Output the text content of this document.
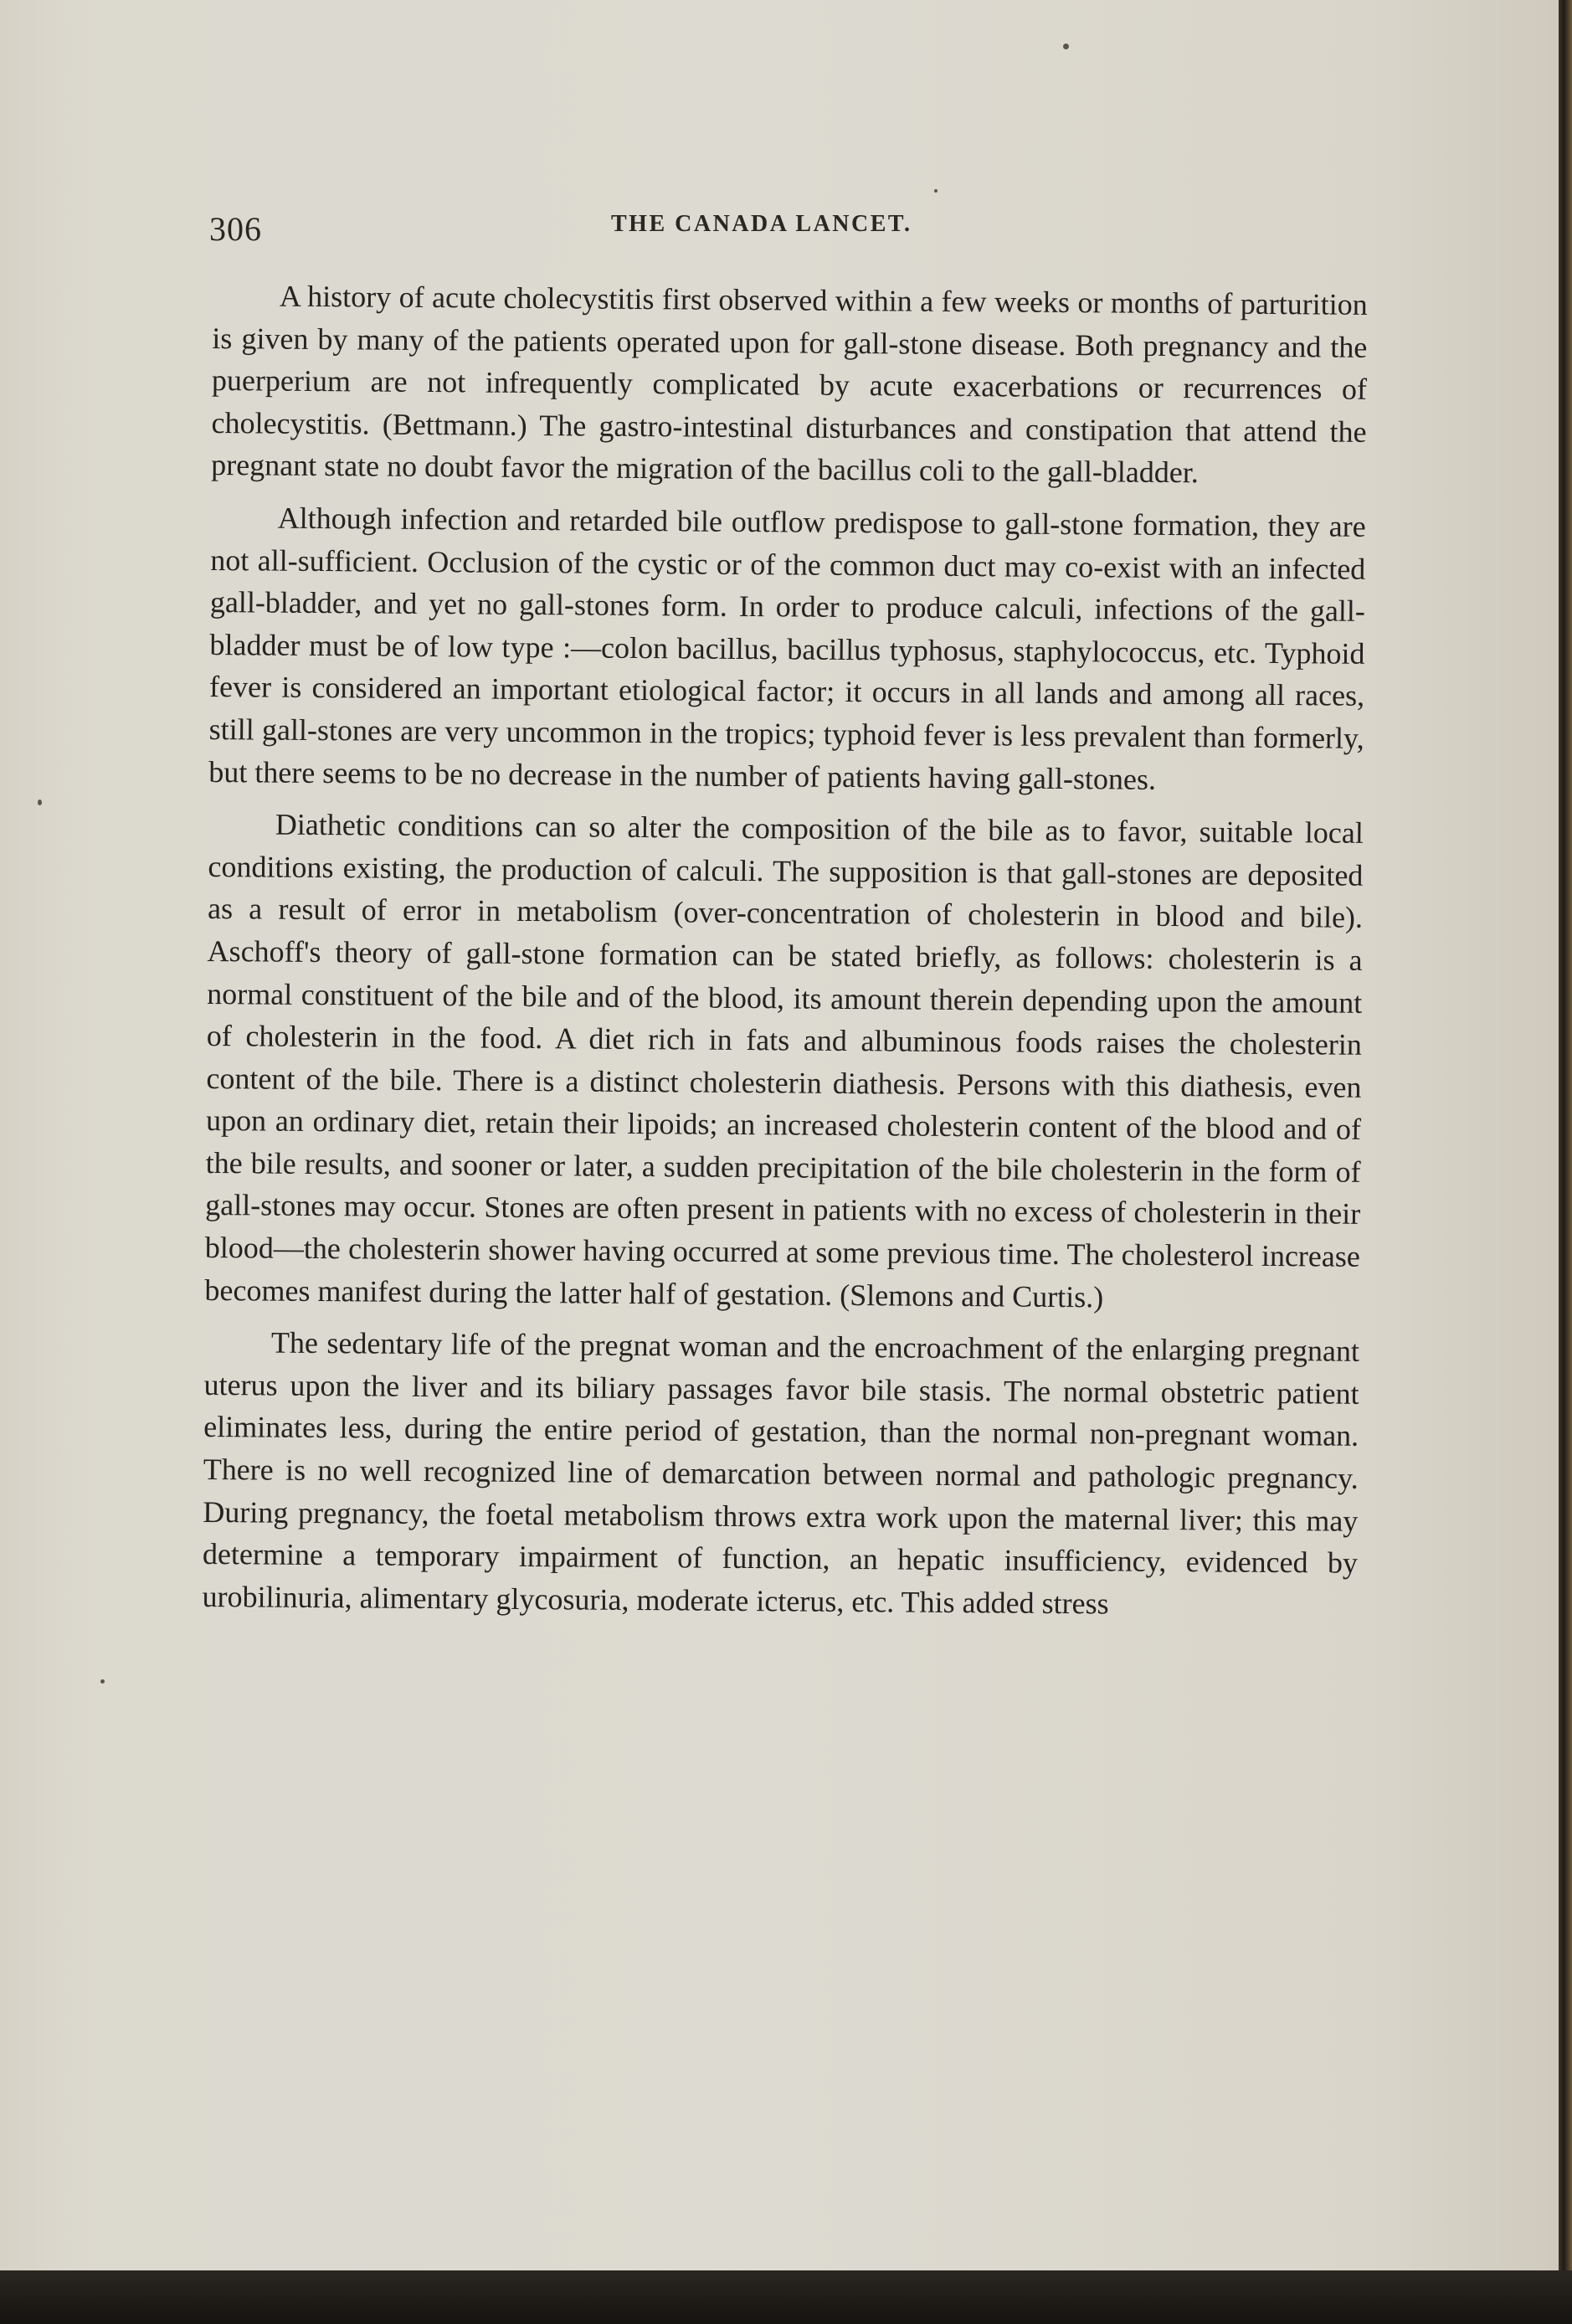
306	THE CANADA LANCET.

A history of acute cholecystitis first observed within a few weeks or months of parturition is given by many of the patients operated upon for gall-stone disease. Both pregnancy and the puerperium are not infrequently complicated by acute exacerbations or recurrences of cholecystitis. (Bettmann.) The gastro-intestinal disturbances and constipation that attend the pregnant state no doubt favor the migration of the bacillus coli to the gall-bladder.

Although infection and retarded bile outflow predispose to gall-stone formation, they are not all-sufficient. Occlusion of the cystic or of the common duct may co-exist with an infected gall-bladder, and yet no gall-stones form. In order to produce calculi, infections of the gall-bladder must be of low type :—colon bacillus, bacillus typhosus, staphylococcus, etc. Typhoid fever is considered an important etiological factor; it occurs in all lands and among all races, still gall-stones are very uncommon in the tropics; typhoid fever is less prevalent than formerly, but there seems to be no decrease in the number of patients having gall-stones.

Diathetic conditions can so alter the composition of the bile as to favor, suitable local conditions existing, the production of calculi. The supposition is that gall-stones are deposited as a result of error in metabolism (over-concentration of cholesterin in blood and bile). Aschoff's theory of gall-stone formation can be stated briefly, as follows: cholesterin is a normal constituent of the bile and of the blood, its amount therein depending upon the amount of cholesterin in the food. A diet rich in fats and albuminous foods raises the cholesterin content of the bile. There is a distinct cholesterin diathesis. Persons with this diathesis, even upon an ordinary diet, retain their lipoids; an increased cholesterin content of the blood and of the bile results, and sooner or later, a sudden precipitation of the bile cholesterin in the form of gall-stones may occur. Stones are often present in patients with no excess of cholesterin in their blood—the cholesterin shower having occurred at some previous time. The cholesterol increase becomes manifest during the latter half of gestation. (Slemons and Curtis.)

The sedentary life of the pregnat woman and the encroachment of the enlarging pregnant uterus upon the liver and its biliary passages favor bile stasis. The normal obstetric patient eliminates less, during the entire period of gestation, than the normal non-pregnant woman. There is no well recognized line of demarcation between normal and pathologic pregnancy. During pregnancy, the foetal metabolism throws extra work upon the maternal liver; this may determine a temporary impairment of function, an hepatic insufficiency, evidenced by urobilinuria, alimentary glycosuria, moderate icterus, etc. This added stress
